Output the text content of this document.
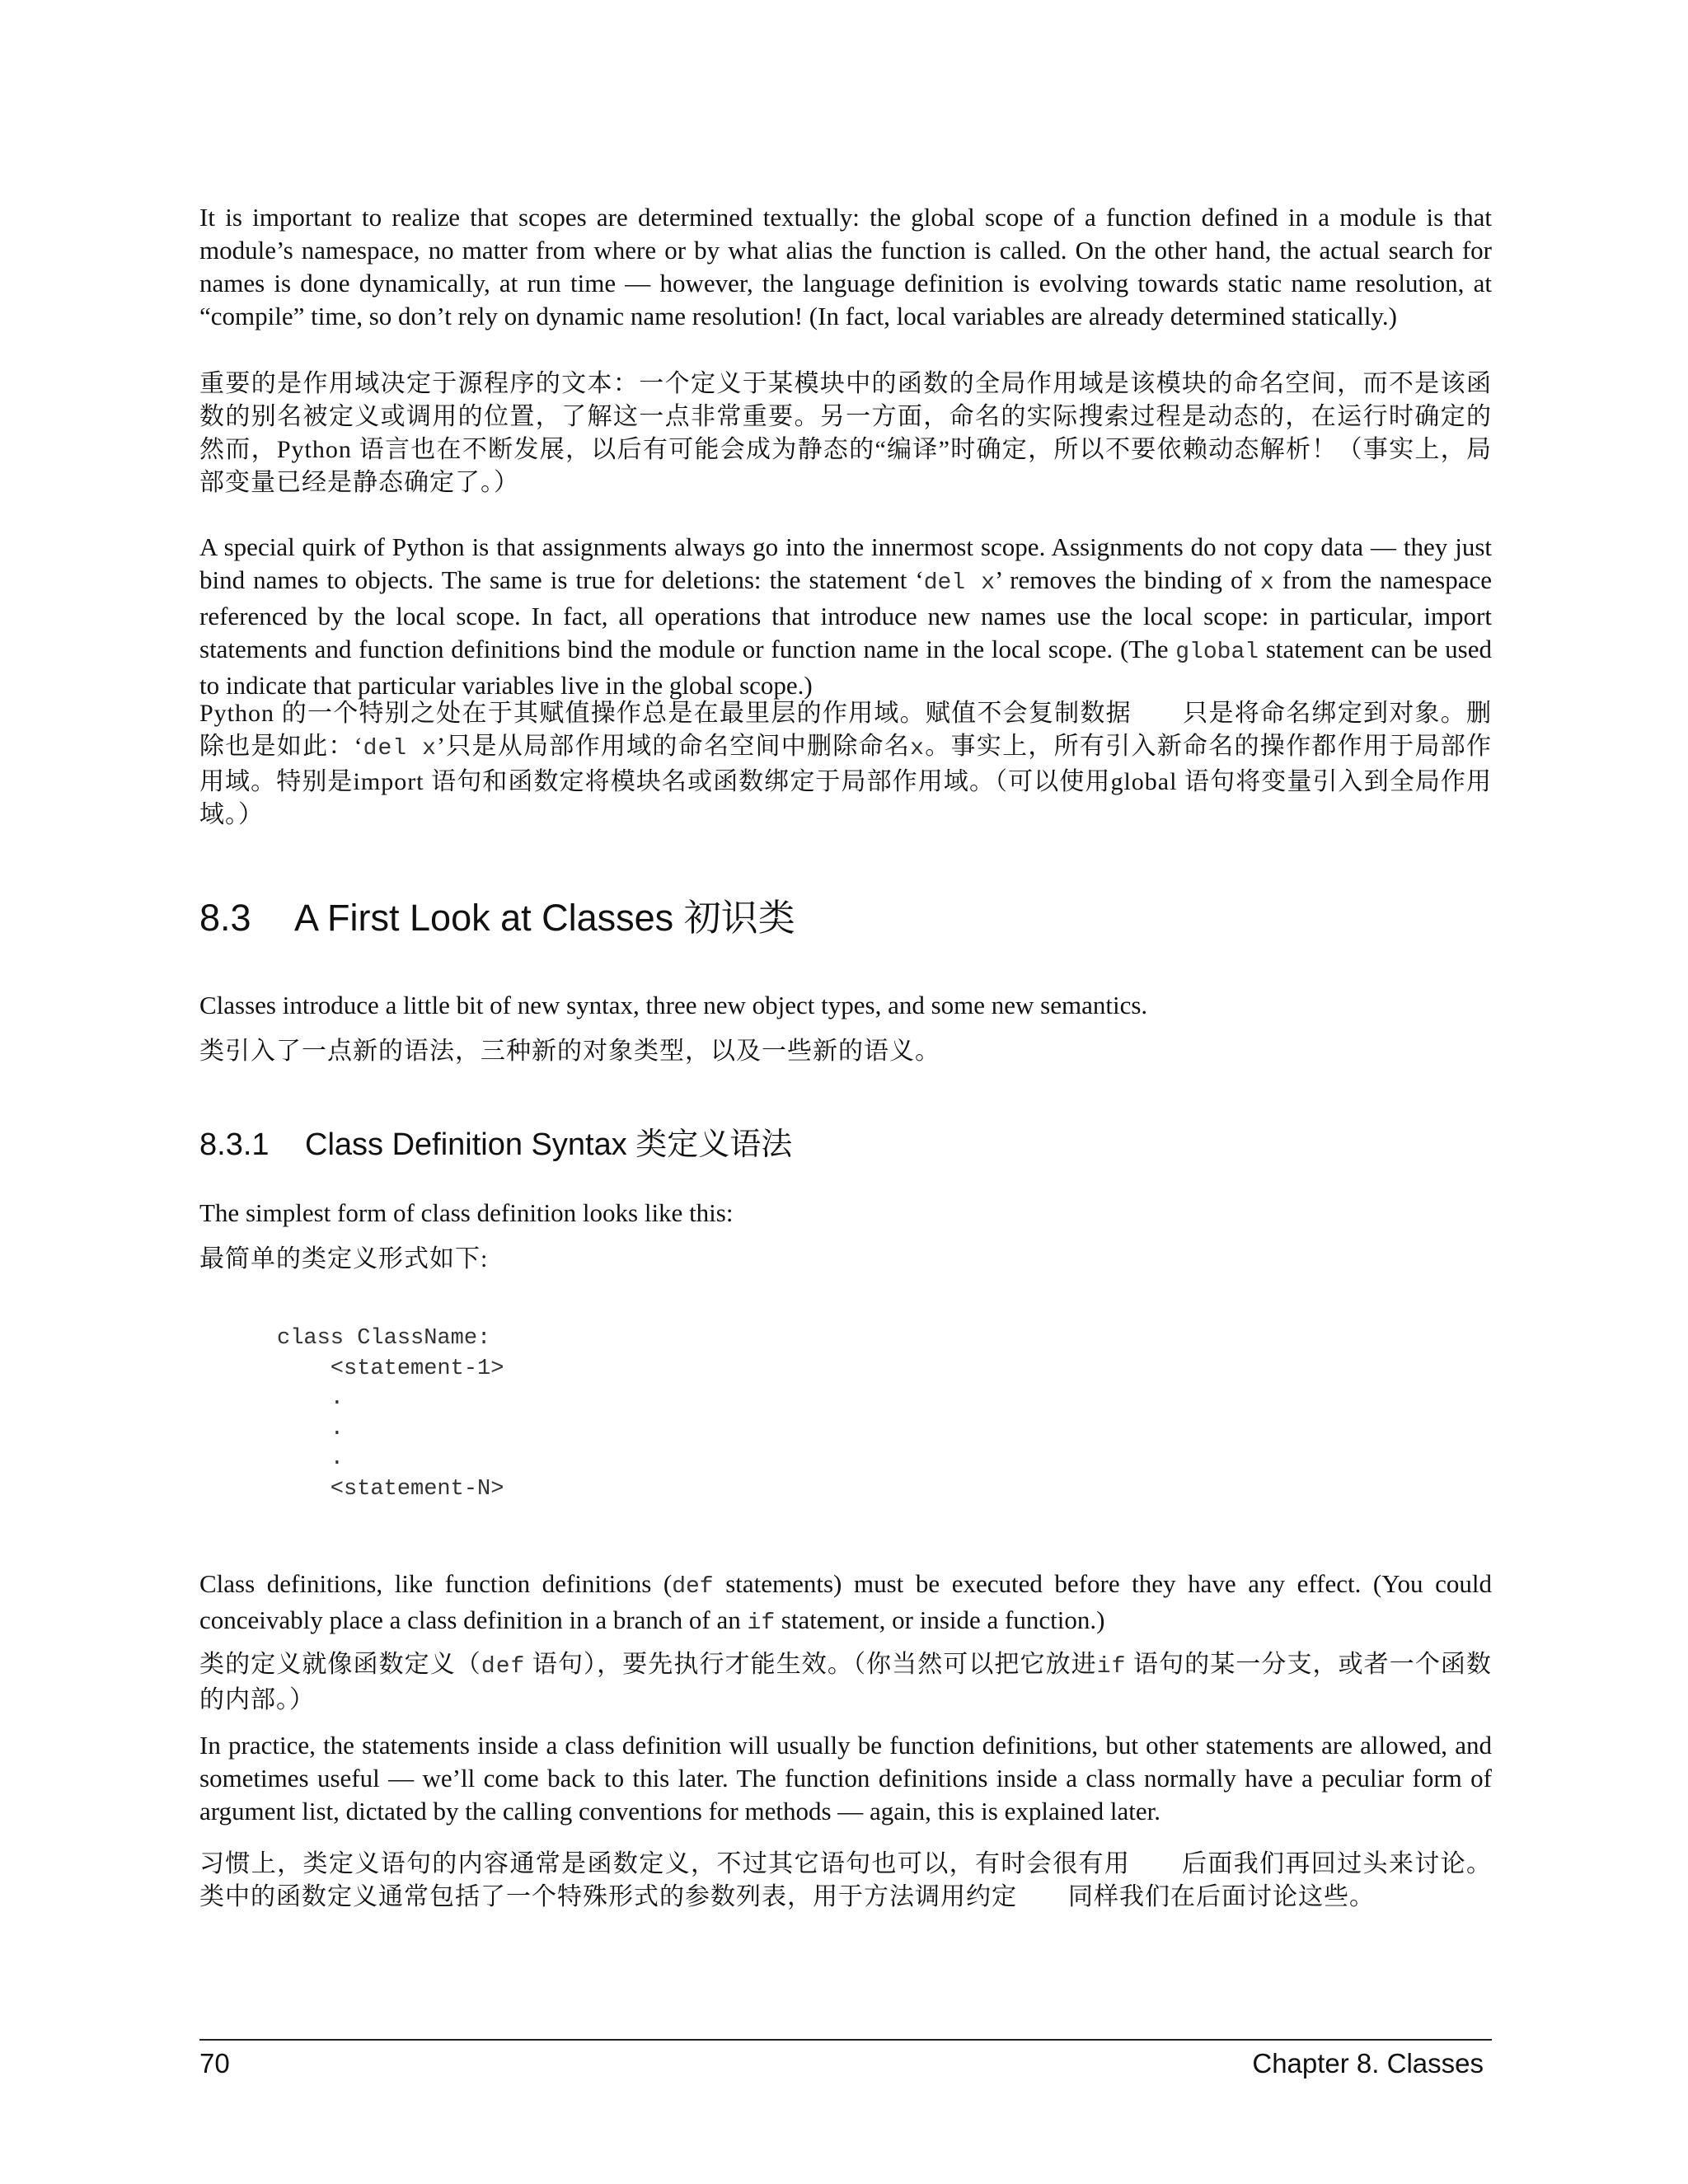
It is important to realize that scopes are determined textually: the global scope of a function defined in a module is that module’s namespace, no matter from where or by what alias the function is called. On the other hand, the actual search for names is done dynamically, at run time — however, the language definition is evolving towards static name resolution, at “compile” time, so don’t rely on dynamic name resolution! (In fact, local variables are already determined statically.)

重要的是作用域决定于源程序的文本：一个定义于某模块中的函数的全局作用域是该模块的命名空间，而不是该函数的别名被定义或调用的位置，了解这一点非常重要。另一方面，命名的实际搜索过程是动态的，在运行时确定的　　然而，Python 语言也在不断发展，以后有可能会成为静态的“编译”时确定，所以不要依赖动态解析！（事实上，局部变量已经是静态确定了。）

A special quirk of Python is that assignments always go into the innermost scope. Assignments do not copy data — they just bind names to objects. The same is true for deletions: the statement ‘del x’ removes the binding of x from the namespace referenced by the local scope. In fact, all operations that introduce new names use the local scope: in particular, import statements and function definitions bind the module or function name in the local scope. (The global statement can be used to indicate that particular variables live in the global scope.)

Python 的一个特别之处在于其赋值操作总是在最里层的作用域。赋值不会复制数据　　只是将命名绑定到对象。删除也是如此：‘del x’只是从局部作用域的命名空间中删除命名x。事实上，所有引入新命名的操作都作用于局部作用域。特别是import 语句和函数定将模块名或函数绑定于局部作用域。（可以使用global 语句将变量引入到全局作用域。）

8.3 A First Look at Classes 初识类

Classes introduce a little bit of new syntax, three new object types, and some new semantics.

类引入了一点新的语法，三种新的对象类型，以及一些新的语义。

8.3.1 Class Definition Syntax 类定义语法

The simplest form of class definition looks like this:

最简单的类定义形式如下:

class ClassName:
<statement-1>
.
.
.
<statement-N>

Class definitions, like function definitions (def statements) must be executed before they have any effect. (You could conceivably place a class definition in a branch of an if statement, or inside a function.)

类的定义就像函数定义（def 语句），要先执行才能生效。（你当然可以把它放进if 语句的某一分支，或者一个函数的内部。）

In practice, the statements inside a class definition will usually be function definitions, but other statements are allowed, and sometimes useful — we’ll come back to this later. The function definitions inside a class normally have a peculiar form of argument list, dictated by the calling conventions for methods — again, this is explained later.

习惯上，类定义语句的内容通常是函数定义，不过其它语句也可以，有时会很有用　　后面我们再回过头来讨论。类中的函数定义通常包括了一个特殊形式的参数列表，用于方法调用约定　　同样我们在后面讨论这些。

70	Chapter 8. Classes
